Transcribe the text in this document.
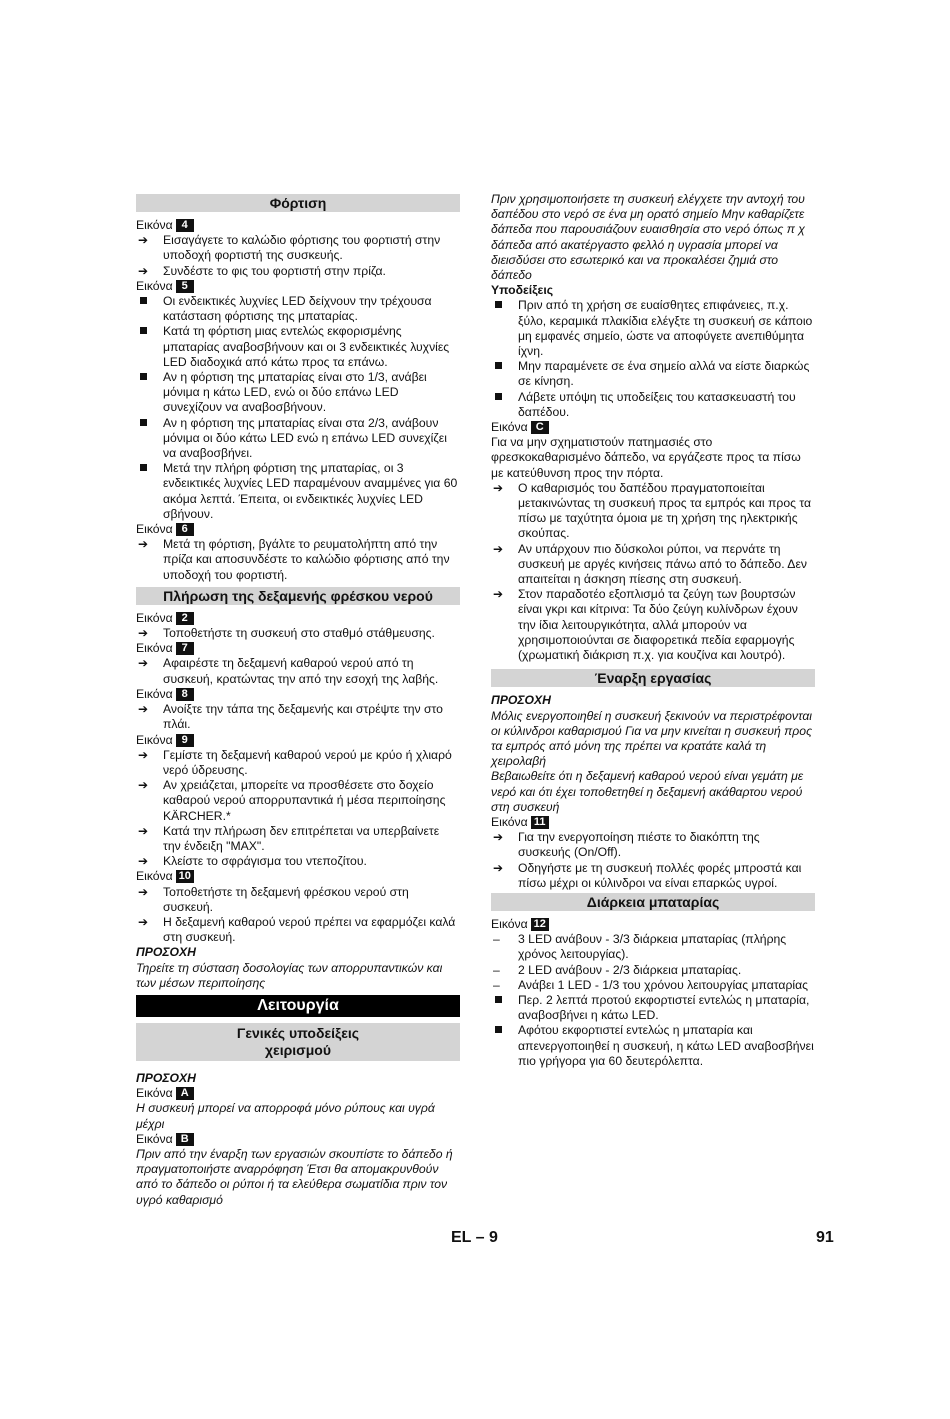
Φόρτιση
Εικόνα 4
➔	Εισαγάγετε το καλώδιο φόρτισης του φορτιστή στην υποδοχή φορτιστή της συσκευής.
➔	Συνδέστε το φις του φορτιστή στην πρίζα.
Εικόνα 5
Οι ενδεικτικές λυχνίες LED δείχνουν την τρέχουσα κατάσταση φόρτισης της μπαταρίας.
Κατά τη φόρτιση μιας εντελώς εκφορισμένης μπαταρίας αναβοσβήνουν και οι 3 ενδεικτικές λυχνίες LED διαδοχικά από κάτω προς τα επάνω.
Αν η φόρτιση της μπαταρίας είναι στο 1/3, ανάβει μόνιμα η κάτω LED, ενώ οι δύο επάνω LED συνεχίζουν να αναβοσβήνουν.
Αν η φόρτιση της μπαταρίας είναι στα 2/3, ανάβουν μόνιμα οι δύο κάτω LED ενώ η επάνω LED συνεχίζει να αναβοσβήνει.
Μετά την πλήρη φόρτιση της μπαταρίας, οι 3 ενδεικτικές λυχνίες LED παραμένουν αναμμένες για 60 ακόμα λεπτά. Έπειτα, οι ενδεικτικές λυχνίες LED σβήνουν.
Εικόνα 6
➔	Μετά τη φόρτιση, βγάλτε το ρευματολήπτη από την πρίζα και αποσυνδέστε το καλώδιο φόρτισης από την υποδοχή του φορτιστή.
Πλήρωση της δεξαμενής φρέσκου νερού
Εικόνα 2
➔	Τοποθετήστε τη συσκευή στο σταθμό στάθμευσης.
Εικόνα 7
➔	Αφαιρέστε τη δεξαμενή καθαρού νερού από τη συσκευή, κρατώντας την από την εσοχή της λαβής.
Εικόνα 8
➔	Ανοίξτε την τάπα της δεξαμενής και στρέψτε την στο πλάι.
Εικόνα 9
➔	Γεμίστε τη δεξαμενή καθαρού νερού με κρύο ή χλιαρό νερό ύδρευσης.
➔	Αν χρειάζεται, μπορείτε να προσθέσετε στο δοχείο καθαρού νερού απορρυπαντικά ή μέσα περιποίησης KÄRCHER.*
➔	Κατά την πλήρωση δεν επιτρέπεται να υπερβαίνετε την ένδειξη "MAX".
➔	Κλείστε το σφράγισμα του ντεποζίτου.
Εικόνα 10
➔	Τοποθετήστε τη δεξαμενή φρέσκου νερού στη συσκευή.
➔	Η δεξαμενή καθαρού νερού πρέπει να εφαρμόζει καλά στη συσκευή.
ΠΡΟΣΟΧΗ
Τηρείτε τη σύσταση δοσολογίας των απορρυπαντικών και των μέσων περιποίησης
Λειτουργία
Γενικές υποδείξεις
χειρισμού
ΠΡΟΣΟΧΗ
Εικόνα A
Η συσκευή μπορεί να απορροφά μόνο ρύπους και υγρά μέχρι
Εικόνα B
Πριν από την έναρξη των εργασιών σκουπίστε το δάπεδο ή πραγματοποιήστε αναρρόφηση Έτσι θα απομακρυνθούν από το δάπεδο οι ρύποι ή τα ελεύθερα σωματίδια πριν τον υγρό καθαρισμό
Πριν χρησιμοποιήσετε τη συσκευή ελέγχετε την αντοχή του δαπέδου στο νερό σε ένα μη ορατό σημείο Μην καθαρίζετε δάπεδα που παρουσιάζουν ευαισθησία στο νερό όπως π χ δάπεδα από ακατέργαστο φελλό η υγρασία μπορεί να διεισδύσει στο εσωτερικό και να προκαλέσει ζημιά στο δάπεδο
Υποδείξεις
Πριν από τη χρήση σε ευαίσθητες επιφάνειες, π.χ. ξύλο, κεραμικά πλακίδια ελέγξτε τη συσκευή σε κάποιο μη εμφανές σημείο, ώστε να αποφύγετε ανεπιθύμητα ίχνη.
Μην παραμένετε σε ένα σημείο αλλά να είστε διαρκώς σε κίνηση.
Λάβετε υπόψη τις υποδείξεις του κατασκευαστή του δαπέδου.
Εικόνα C
Για να μην σχηματιστούν πατημασιές στο φρεσκοκαθαρισμένο δάπεδο, να εργάζεστε προς τα πίσω με κατεύθυνση προς την πόρτα.
➔	Ο καθαρισμός του δαπέδου πραγματοποιείται μετακινώντας τη συσκευή προς τα εμπρός και προς τα πίσω με ταχύτητα όμοια με τη χρήση της ηλεκτρικής σκούπας.
➔	Αν υπάρχουν πιο δύσκολοι ρύποι, να περνάτε τη συσκευή με αργές κινήσεις πάνω από το δάπεδο. Δεν απαιτείται η άσκηση πίεσης στη συσκευή.
➔	Στον παραδοτέο εξοπλισμό τα ζεύγη των βουρτσών είναι γκρι και κίτρινα: Τα δύο ζεύγη κυλίνδρων έχουν την ίδια λειτουργικότητα, αλλά μπορούν να χρησιμοποιούνται σε διαφορετικά πεδία εφαρμογής (χρωματική διάκριση π.χ. για κουζίνα και λουτρό).
Έναρξη εργασίας
ΠΡΟΣΟΧΗ
Μόλις ενεργοποιηθεί η συσκευή ξεκινούν να περιστρέφονται οι κύλινδροι καθαρισμού Για να μην κινείται η συσκευή προς τα εμπρός από μόνη της πρέπει να κρατάτε καλά τη χειρολαβή
Βεβαιωθείτε ότι η δεξαμενή καθαρού νερού είναι γεμάτη με νερό και ότι έχει τοποθετηθεί η δεξαμενή ακάθαρτου νερού στη συσκευή
Εικόνα 11
➔	Για την ενεργοποίηση πιέστε το διακόπτη της συσκευής (On/Off).
➔	Οδηγήστε με τη συσκευή πολλές φορές μπροστά και πίσω μέχρι οι κύλινδροι να είναι επαρκώς υγροί.
Διάρκεια μπαταρίας
Εικόνα 12
–	3 LED ανάβουν - 3/3 διάρκεια μπαταρίας (πλήρης χρόνος λειτουργίας).
–	2 LED ανάβουν - 2/3 διάρκεια μπαταρίας.
–	Ανάβει 1 LED - 1/3 του χρόνου λειτουργίας μπαταρίας
Περ. 2 λεπτά προτού εκφορτιστεί εντελώς η μπαταρία, αναβοσβήνει η κάτω LED.
Αφότου εκφορτιστεί εντελώς η μπαταρία και απενεργοποιηθεί η συσκευή, η κάτω LED αναβοσβήνει πιο γρήγορα για 60 δευτερόλεπτα.
EL – 9	91
